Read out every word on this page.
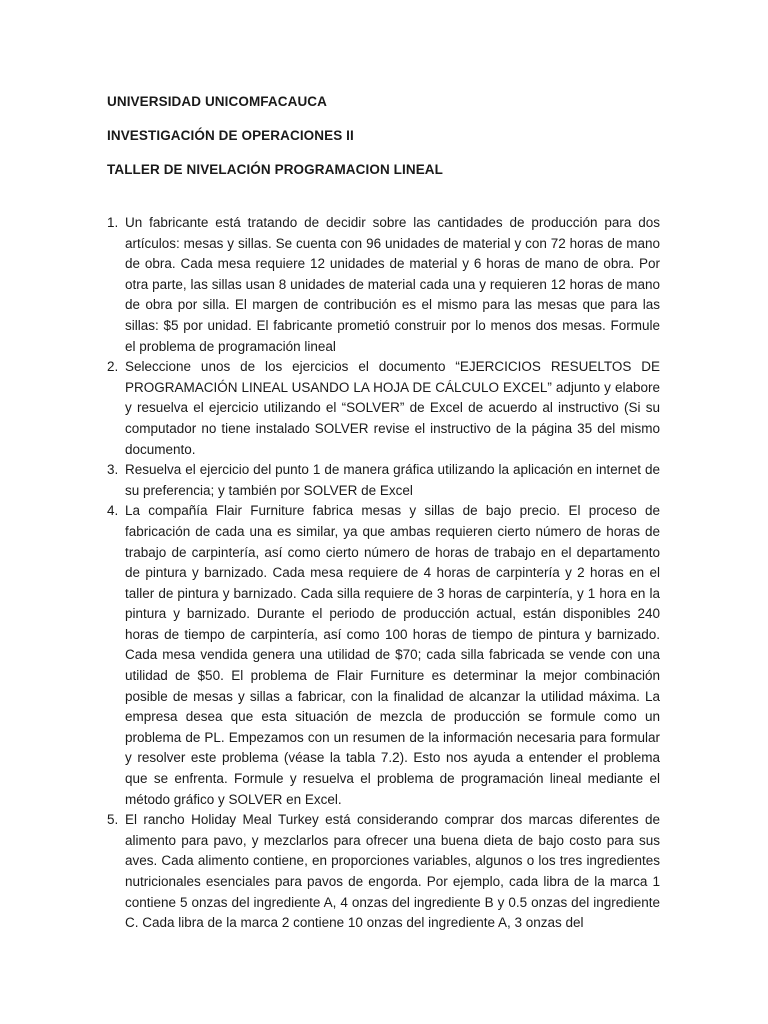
UNIVERSIDAD UNICOMFACAUCA
INVESTIGACIÓN DE OPERACIONES II
TALLER DE NIVELACIÓN PROGRAMACION LINEAL
1. Un fabricante está tratando de decidir sobre las cantidades de producción para dos artículos: mesas y sillas. Se cuenta con 96 unidades de material y con 72 horas de mano de obra. Cada mesa requiere 12 unidades de material y 6 horas de mano de obra. Por otra parte, las sillas usan 8 unidades de material cada una y requieren 12 horas de mano de obra por silla. El margen de contribución es el mismo para las mesas que para las sillas: $5 por unidad. El fabricante prometió construir por lo menos dos mesas. Formule el problema de programación lineal
2. Seleccione unos de los ejercicios el documento “EJERCICIOS RESUELTOS DE PROGRAMACIÓN LINEAL USANDO LA HOJA DE CÁLCULO EXCEL” adjunto y elabore y resuelva el ejercicio utilizando el “SOLVER” de Excel de acuerdo al instructivo (Si su computador no tiene instalado SOLVER revise el instructivo de la página 35 del mismo documento.
3. Resuelva el ejercicio del punto 1 de manera gráfica utilizando la aplicación en internet de su preferencia; y también por SOLVER de Excel
4. La compañía Flair Furniture fabrica mesas y sillas de bajo precio. El proceso de fabricación de cada una es similar, ya que ambas requieren cierto número de horas de trabajo de carpintería, así como cierto número de horas de trabajo en el departamento de pintura y barnizado. Cada mesa requiere de 4 horas de carpintería y 2 horas en el taller de pintura y barnizado. Cada silla requiere de 3 horas de carpintería, y 1 hora en la pintura y barnizado. Durante el periodo de producción actual, están disponibles 240 horas de tiempo de carpintería, así como 100 horas de tiempo de pintura y barnizado. Cada mesa vendida genera una utilidad de $70; cada silla fabricada se vende con una utilidad de $50. El problema de Flair Furniture es determinar la mejor combinación posible de mesas y sillas a fabricar, con la finalidad de alcanzar la utilidad máxima. La empresa desea que esta situación de mezcla de producción se formule como un problema de PL. Empezamos con un resumen de la información necesaria para formular y resolver este problema (véase la tabla 7.2). Esto nos ayuda a entender el problema que se enfrenta. Formule y resuelva el problema de programación lineal mediante el método gráfico y SOLVER en Excel.
5. El rancho Holiday Meal Turkey está considerando comprar dos marcas diferentes de alimento para pavo, y mezclarlos para ofrecer una buena dieta de bajo costo para sus aves. Cada alimento contiene, en proporciones variables, algunos o los tres ingredientes nutricionales esenciales para pavos de engorda. Por ejemplo, cada libra de la marca 1 contiene 5 onzas del ingrediente A, 4 onzas del ingrediente B y 0.5 onzas del ingrediente C. Cada libra de la marca 2 contiene 10 onzas del ingrediente A, 3 onzas del
